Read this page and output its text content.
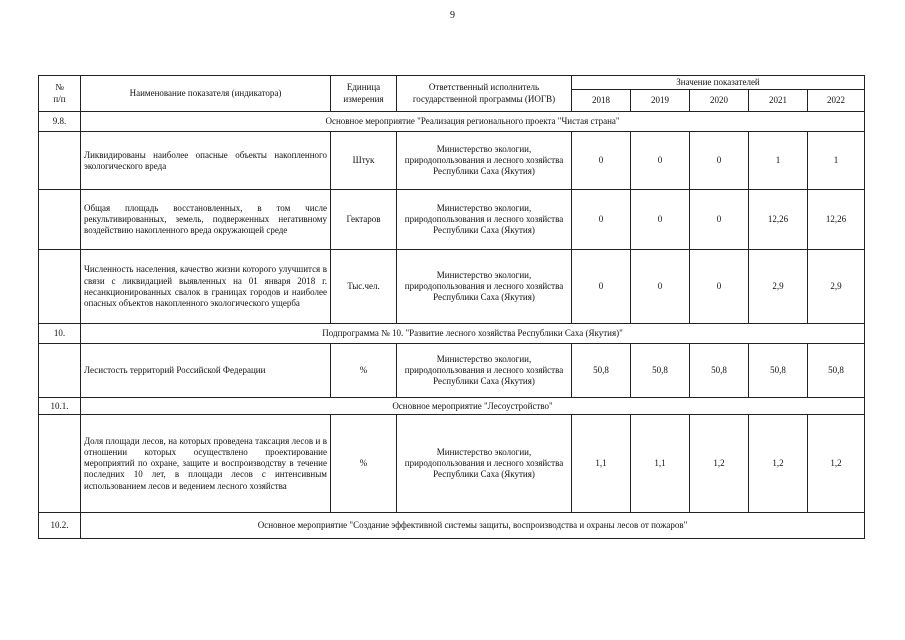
9
№
п/п	Наименование показателя (индикатора)	Единица измерения	Ответственный исполнитель государственной программы (ИОГВ)	Значение показателей				
				2018	2019	2020	2021	2022
9.8.	Основное мероприятие "Реализация регионального проекта "Чистая страна"							
	Ликвидированы наиболее опасные объекты накопленного экологического вреда	Штук	Министерство экологии, природопользования и лесного хозяйства Республики Саха (Якутия)	0	0	0	1	1
	Общая площадь восстановленных, в том числе рекультивированных, земель, подверженных негативному воздействию накопленного вреда окружающей среде	Гектаров	Министерство экологии, природопользования и лесного хозяйства Республики Саха (Якутия)	0	0	0	12,26	12,26
	Численность населения, качество жизни которого улучшится в связи с ликвидацией выявленных на 01 января 2018 г. несанкционированных свалок в границах городов и наиболее опасных объектов накопленного экологического ущерба	Тыс.чел.	Министерство экологии, природопользования и лесного хозяйства Республики Саха (Якутия)	0	0	0	2,9	2,9
10.	Подпрограмма № 10. "Развитие лесного хозяйства Республики Саха (Якутия)"							
	Лесистость территорий Российской Федерации	%	Министерство экологии, природопользования и лесного хозяйства Республики Саха (Якутия)	50,8	50,8	50,8	50,8	50,8
10.1.	Основное мероприятие "Лесоустройство"							
	Доля площади лесов, на которых проведена таксация лесов и в отношении которых осуществлено проектирование мероприятий по охране, защите и воспроизводству в течение последних 10 лет, в площади лесов с интенсивным использованием лесов и ведением лесного хозяйства	%	Министерство экологии, природопользования и лесного хозяйства Республики Саха (Якутия)	1,1	1,1	1,2	1,2	1,2
10.2.	Основное мероприятие "Создание эффективной системы защиты, воспроизводства и охраны лесов от пожаров"							
